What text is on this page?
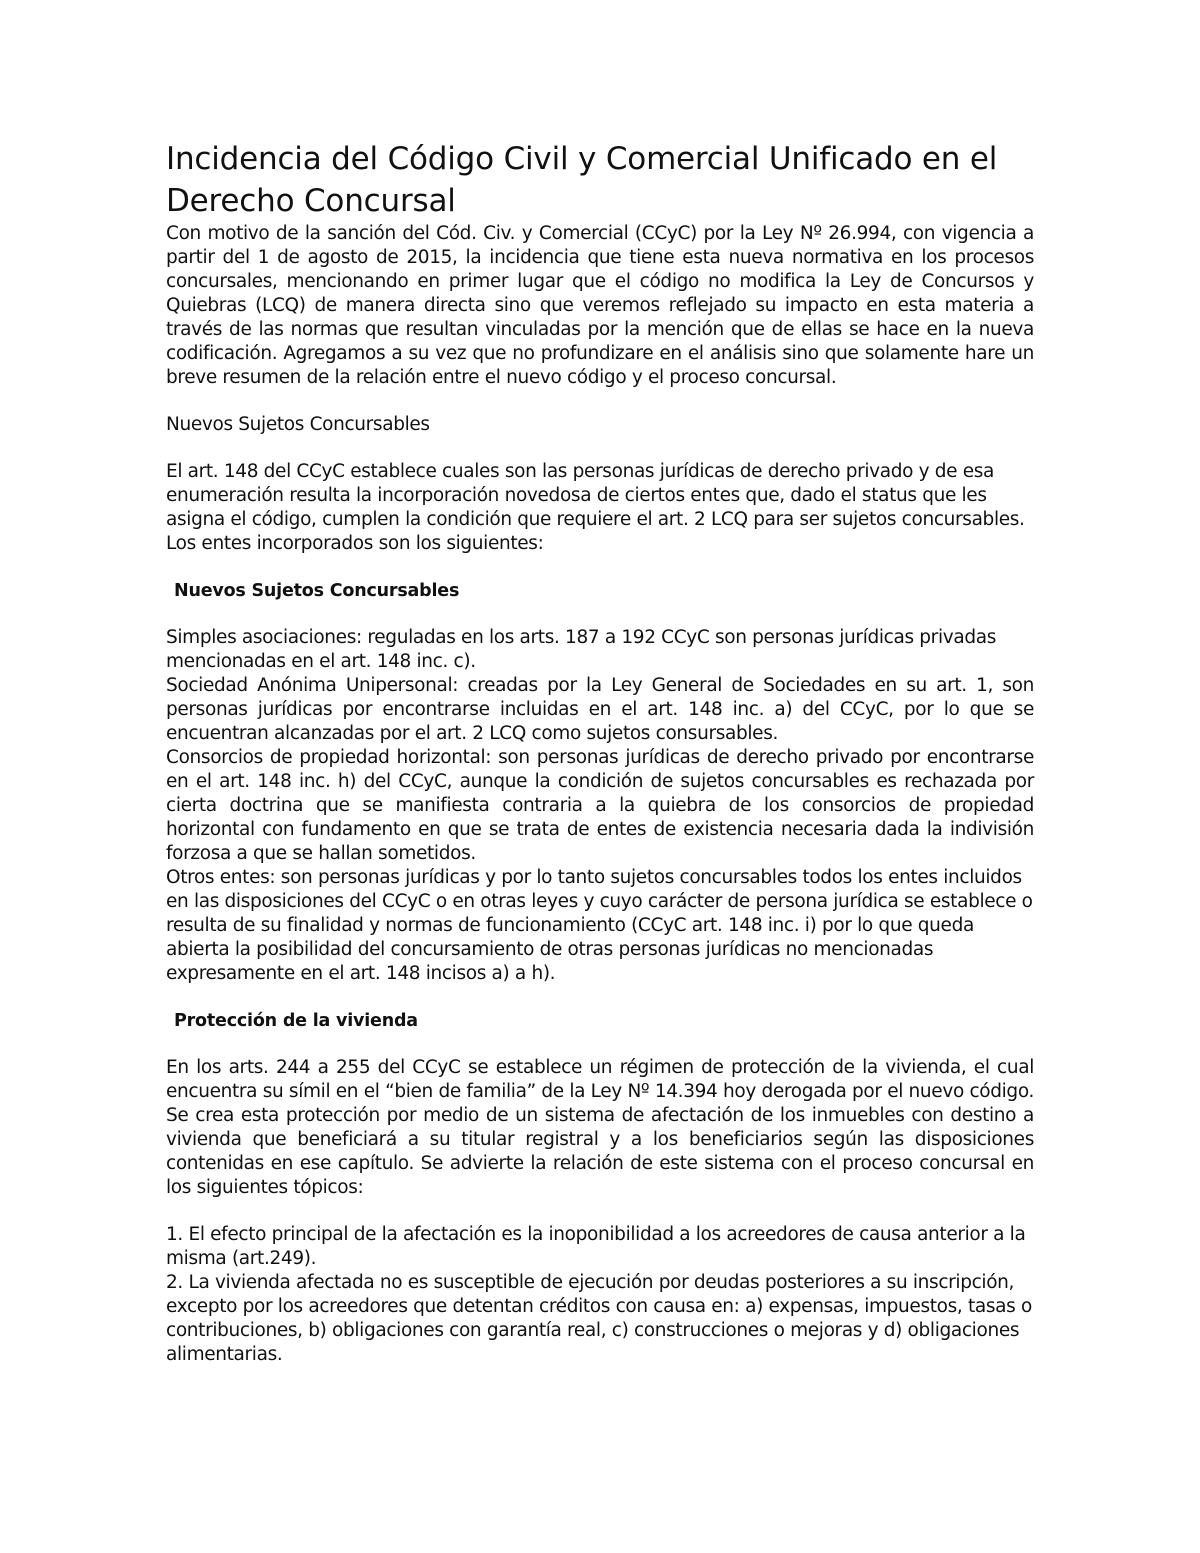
Incidencia del Código Civil y Comercial Unificado en el Derecho Concursal

Con motivo de la sanción del Cód. Civ. y Comercial (CCyC) por la Ley Nº 26.994, con vigencia a partir del 1 de agosto de 2015, la incidencia que tiene esta nueva normativa en los procesos concursales, mencionando en primer lugar que el código no modifica la Ley de Concursos y Quiebras (LCQ) de manera directa sino que veremos reflejado su impacto en esta materia a través de las normas que resultan vinculadas por la mención que de ellas se hace en la nueva codificación. Agregamos a su vez que no profundizare en el análisis sino que solamente hare un breve resumen de la relación entre el nuevo código y el proceso concursal.

Nuevos Sujetos Concursables

El art. 148 del CCyC establece cuales son las personas jurídicas de derecho privado y de esa enumeración resulta la incorporación novedosa de ciertos entes que, dado el status que les asigna el código, cumplen la condición que requiere el art. 2 LCQ para ser sujetos concursables. Los entes incorporados son los siguientes:

Nuevos Sujetos Concursables

Simples asociaciones: reguladas en los arts. 187 a 192 CCyC son personas jurídicas privadas mencionadas en el art. 148 inc. c).

Sociedad Anónima Unipersonal: creadas por la Ley General de Sociedades en su art. 1, son personas jurídicas por encontrarse incluidas en el art. 148 inc. a) del CCyC, por lo que se encuentran alcanzadas por el art. 2 LCQ como sujetos consursables.

Consorcios de propiedad horizontal: son personas jurídicas de derecho privado por encontrarse en el art. 148 inc. h) del CCyC, aunque la condición de sujetos concursables es rechazada por cierta doctrina que se manifiesta contraria a la quiebra de los consorcios de propiedad horizontal con fundamento en que se trata de entes de existencia necesaria dada la indivisión forzosa a que se hallan sometidos.

Otros entes: son personas jurídicas y por lo tanto sujetos concursables todos los entes incluidos en las disposiciones del CCyC o en otras leyes y cuyo carácter de persona jurídica se establece o resulta de su finalidad y normas de funcionamiento (CCyC art. 148 inc. i) por lo que queda abierta la posibilidad del concursamiento de otras personas jurídicas no mencionadas expresamente en el art. 148 incisos a) a h).

Protección de la vivienda

En los arts. 244 a 255 del CCyC se establece un régimen de protección de la vivienda, el cual encuentra su símil en el “bien de familia” de la Ley Nº 14.394 hoy derogada por el nuevo código. Se crea esta protección por medio de un sistema de afectación de los inmuebles con destino a vivienda que beneficiará a su titular registral y a los beneficiarios según las disposiciones contenidas en ese capítulo. Se advierte la relación de este sistema con el proceso concursal en los siguientes tópicos:

1. El efecto principal de la afectación es la inoponibilidad a los acreedores de causa anterior a la misma (art.249).

2. La vivienda afectada no es susceptible de ejecución por deudas posteriores a su inscripción, excepto por los acreedores que detentan créditos con causa en: a) expensas, impuestos, tasas o contribuciones, b) obligaciones con garantía real, c) construcciones o mejoras y d) obligaciones alimentarias.
